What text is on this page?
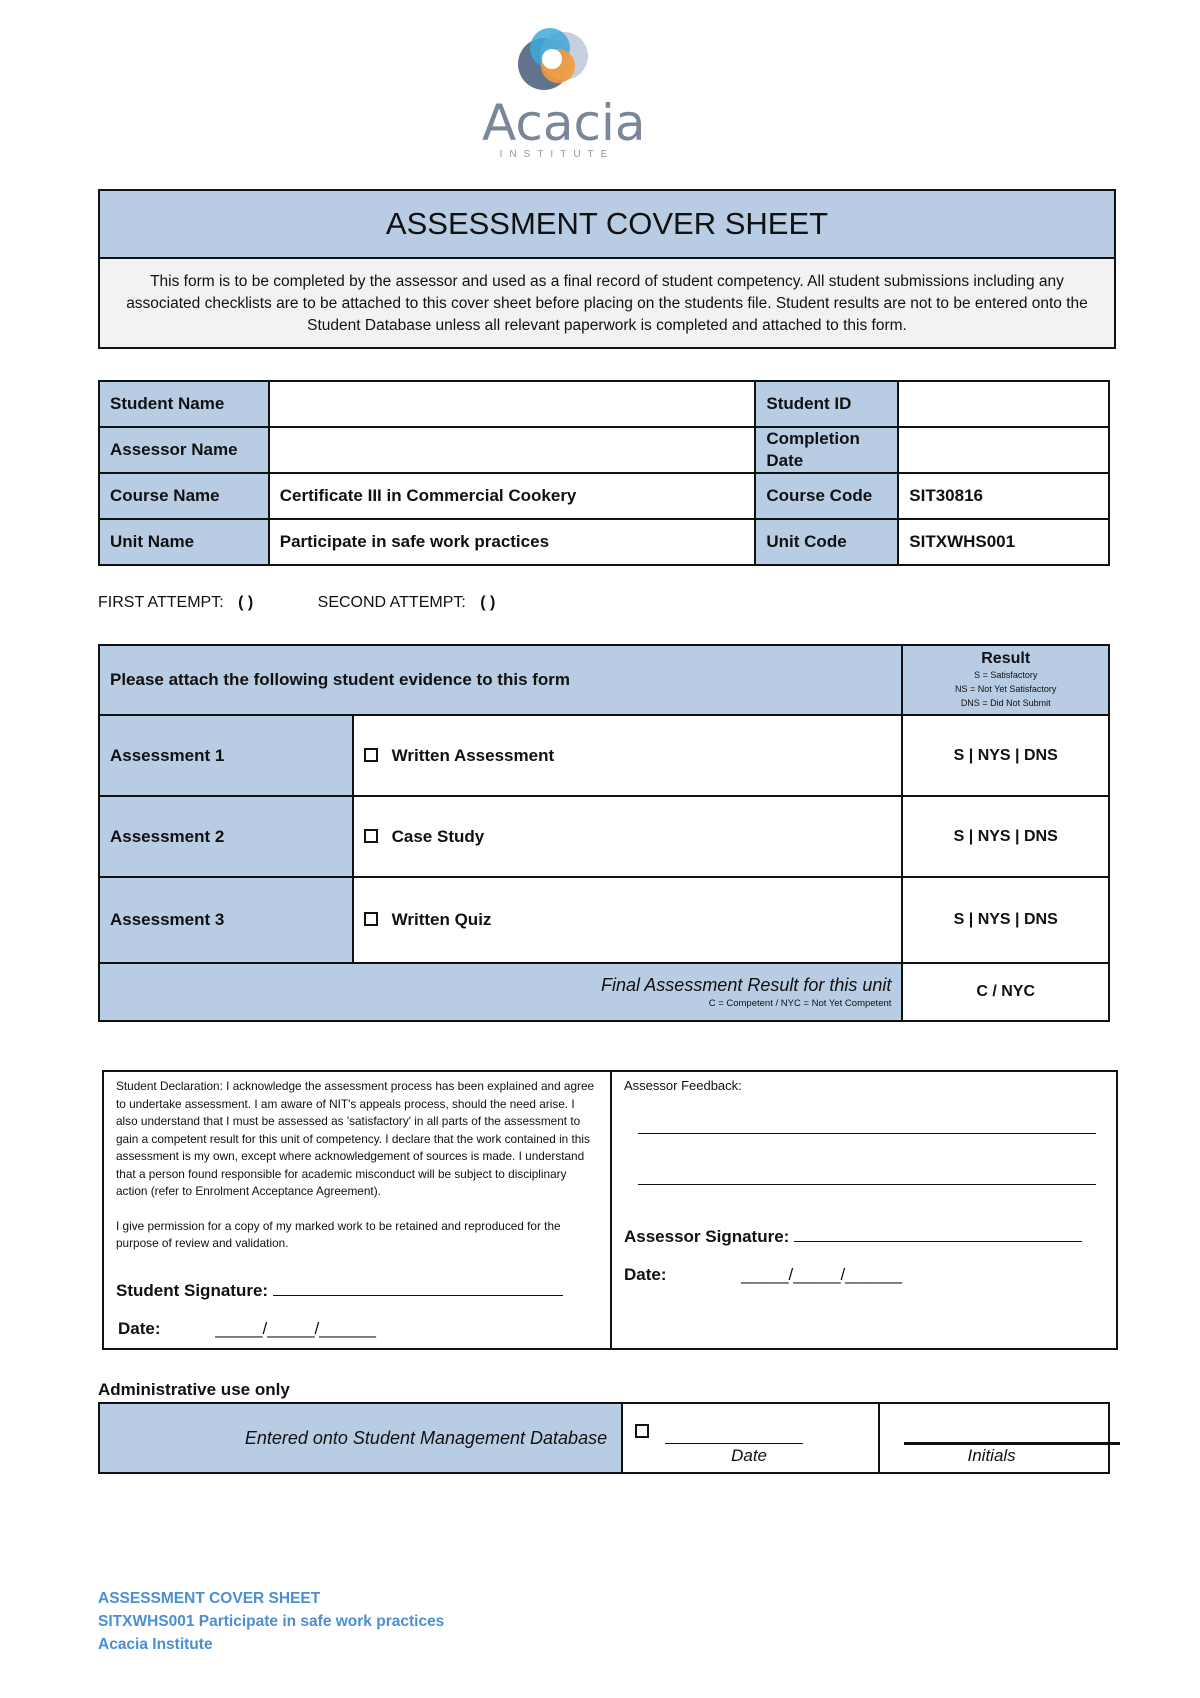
Acacia
INSTITUTE
ASSESSMENT COVER SHEET
This form is to be completed by the assessor and used as a final record of student competency. All student submissions including any associated checklists are to be attached to this cover sheet before placing on the students file. Student results are not to be entered onto the Student Database unless all relevant paperwork is completed and attached to this form.
Student Name		Student ID	
Assessor Name		Completion Date	
Course Name	Certificate III in Commercial Cookery	Course Code	SIT30816
Unit Name	Participate in safe work practices	Unit Code	SITXWHS001
FIRST ATTEMPT: ( )	SECOND ATTEMPT: ( )
Please attach the following student evidence to this form		Result
S = Satisfactory
NS = Not Yet Satisfactory
DNS = Did Not Submit

Assessment 1	Written Assessment	S | NYS | DNS
Assessment 2	Case Study	S | NYS | DNS
Assessment 3	Written Quiz	S | NYS | DNS

Final Assessment Result for this unit
C = Competent / NYC = Not Yet Competent		C / NYC
Student Declaration: I acknowledge the assessment process has been explained and agree to undertake assessment. I am aware of NIT's appeals process, should the need arise. I also understand that I must be assessed as 'satisfactory' in all parts of the assessment to gain a competent result for this unit of competency. I declare that the work contained in this assessment is my own, except where acknowledgement of sources is made. I understand that a person found responsible for academic misconduct will be subject to disciplinary action (refer to Enrolment Acceptance Agreement).
I give permission for a copy of my marked work to be retained and reproduced for the purpose of review and validation.
Student Signature:
Date:	_____/_____/______
Assessor Feedback:
Assessor Signature:
Date:	_____/_____/______
Administrative use only
Entered onto Student Management Database	
Date	Initials
ASSESSMENT COVER SHEET
SITXWHS001 Participate in safe work practices
Acacia Institute
